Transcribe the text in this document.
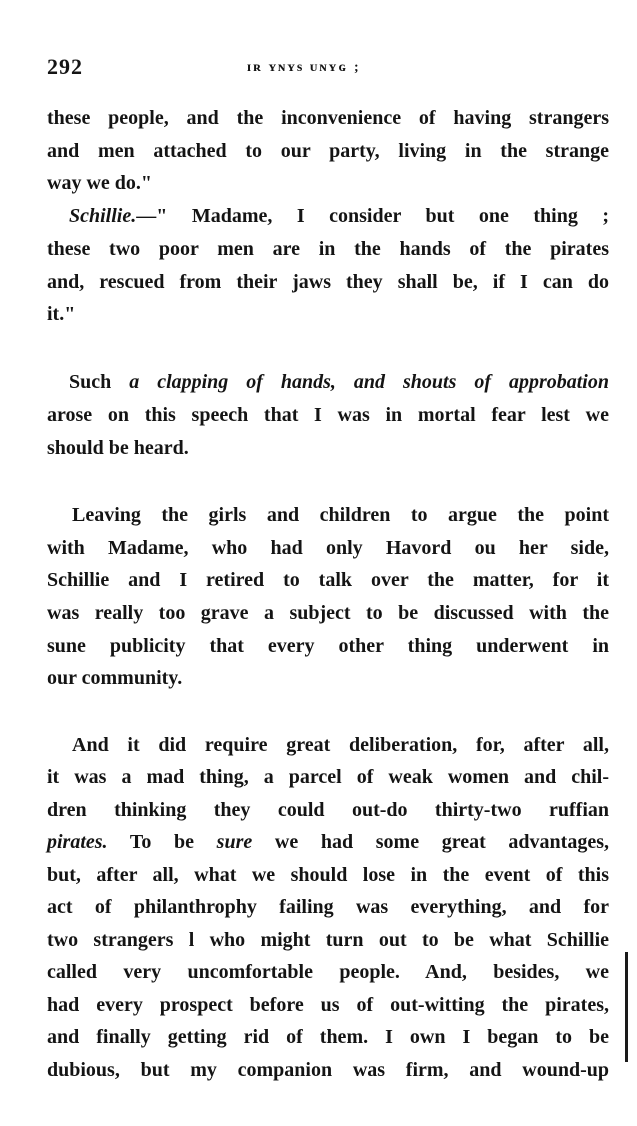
292	ɪʀ ʏɴʏs ᴜɴʏɢ ;
these people, and the inconvenience of having strangers
and men attached to our party, living in the strange
way we do."
Schillie.—" Madame, I consider but one thing ;
these two poor men are in the hands of the pirates
and, rescued from their jaws they shall be, if I can do
it."
Such a clapping of hands, and shouts of approbation
arose on this speech that I was in mortal fear lest we
should be heard.
Leaving the girls and children to argue the point
with Madame, who had only Havord ou her side,
Schillie and I retired to talk over the matter, for it
was really too grave a subject to be discussed with the
sune publicity that every other thing underwent in
our community.
And it did require great deliberation, for, after all,
it was a mad thing, a parcel of weak women and chil-
dren thinking they could out-do thirty-two ruffian
pirates. To be sure we had some great advantages,
but, after all, what we should lose in the event of this
act of philanthrophy failing was everything, and for
two strangers l who might turn out to be what Schillie
called very uncomfortable people. And, besides, we
had every prospect before us of out-witting the pirates,
and finally getting rid of them. I own I began to be
dubious, but my companion was firm, and wound-up
